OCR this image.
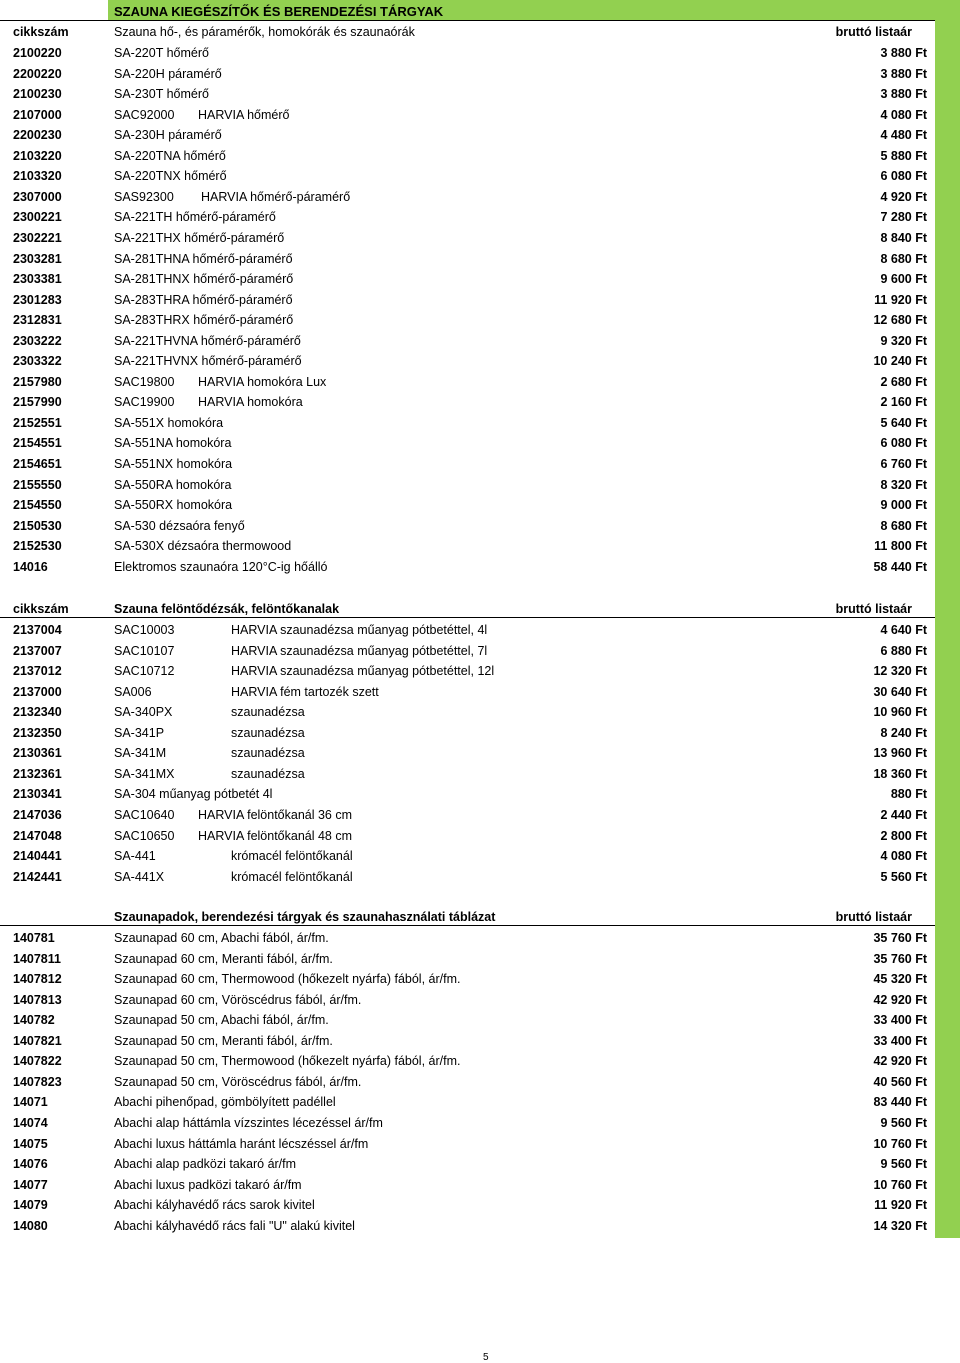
SZAUNA KIEGÉSZÍTŐK ÉS BERENDEZÉSI TÁRGYAK
cikkszám	Szauna hő-, és páramérők, homokórák és szaunaórák	bruttó listaár
2100220	SA-220T hőmérő	3 880 Ft
2200220	SA-220H páramérő	3 880 Ft
2100230	SA-230T hőmérő	3 880 Ft
2107000	SAC92000 HARVIA hőmérő	4 080 Ft
2200230	SA-230H páramérő	4 480 Ft
2103220	SA-220TNA hőmérő	5 880 Ft
2103320	SA-220TNX hőmérő	6 080 Ft
2307000	SAS92300 HARVIA hőmérő-páramérő	4 920 Ft
2300221	SA-221TH hőmérő-páramérő	7 280 Ft
2302221	SA-221THX hőmérő-páramérő	8 840 Ft
2303281	SA-281THNA hőmérő-páramérő	8 680 Ft
2303381	SA-281THNX hőmérő-páramérő	9 600 Ft
2301283	SA-283THRA hőmérő-páramérő	11 920 Ft
2312831	SA-283THRX hőmérő-páramérő	12 680 Ft
2303222	SA-221THVNA hőmérő-páramérő	9 320 Ft
2303322	SA-221THVNX hőmérő-páramérő	10 240 Ft
2157980	SAC19800 HARVIA homokóra Lux	2 680 Ft
2157990	SAC19900 HARVIA homokóra	2 160 Ft
2152551	SA-551X homokóra	5 640 Ft
2154551	SA-551NA homokóra	6 080 Ft
2154651	SA-551NX homokóra	6 760 Ft
2155550	SA-550RA homokóra	8 320 Ft
2154550	SA-550RX homokóra	9 000 Ft
2150530	SA-530 dézsaóra fenyő	8 680 Ft
2152530	SA-530X dézsaóra thermowood	11 800 Ft
14016	Elektromos szaunaóra 120°C-ig hőálló	58 440 Ft
cikkszám	Szauna felöntődézsák, felöntőkanalak	bruttó listaár
2137004	SAC10003	HARVIA szaunadézsa műanyag pótbetéttel, 4l	4 640 Ft
2137007	SAC10107	HARVIA szaunadézsa műanyag pótbetéttel, 7l	6 880 Ft
2137012	SAC10712	HARVIA szaunadézsa műanyag pótbetéttel, 12l	12 320 Ft
2137000	SA006	HARVIA fém tartozék szett	30 640 Ft
2132340	SA-340PX	szaunadézsa	10 960 Ft
2132350	SA-341P	szaunadézsa	8 240 Ft
2130361	SA-341M	szaunadézsa	13 960 Ft
2132361	SA-341MX	szaunadézsa	18 360 Ft
2130341	SA-304 műanyag pótbetét 4l	880 Ft
2147036	SAC10640 HARVIA felöntőkanál 36 cm	2 440 Ft
2147048	SAC10650 HARVIA felöntőkanál 48 cm	2 800 Ft
2140441	SA-441	krómacél felöntőkanál	4 080 Ft
2142441	SA-441X	krómacél felöntőkanál	5 560 Ft
Szaunapadok, berendezési tárgyak és szaunahasználati táblázat	bruttó listaár
140781	Szaunapad 60 cm, Abachi fából, ár/fm.	35 760 Ft
1407811	Szaunapad 60 cm, Meranti fából, ár/fm.	35 760 Ft
1407812	Szaunapad 60 cm, Thermowood (hőkezelt nyárfa) fából, ár/fm.	45 320 Ft
1407813	Szaunapad 60 cm, Vöröscédrus fából, ár/fm.	42 920 Ft
140782	Szaunapad 50 cm, Abachi fából, ár/fm.	33 400 Ft
1407821	Szaunapad 50 cm, Meranti fából, ár/fm.	33 400 Ft
1407822	Szaunapad 50 cm, Thermowood (hőkezelt nyárfa) fából, ár/fm.	42 920 Ft
1407823	Szaunapad 50 cm, Vöröscédrus fából, ár/fm.	40 560 Ft
14071	Abachi pihenőpad, gömbölyített padéllel	83 440 Ft
14074	Abachi alap háttámla vízszintes lécezéssel ár/fm	9 560 Ft
14075	Abachi luxus háttámla haránt lécszéssel ár/fm	10 760 Ft
14076	Abachi alap padközi takaró ár/fm	9 560 Ft
14077	Abachi luxus padközi takaró ár/fm	10 760 Ft
14079	Abachi kályhavédő rács sarok kivitel	11 920 Ft
14080	Abachi kályhavédő rács fali "U" alakú kivitel	14 320 Ft
5
